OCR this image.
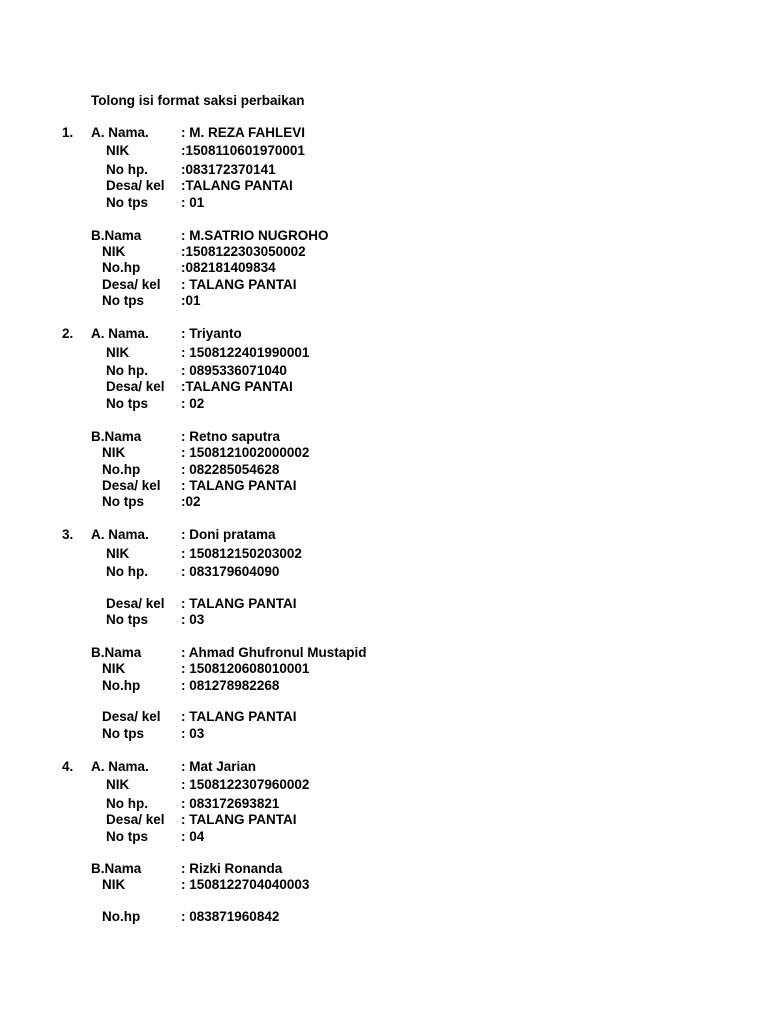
Tolong isi format saksi perbaikan
1. A. Nama. : M. REZA FAHLEVI
NIK	:1508110601970001
No hp. :083172370141
Desa/ kel :TALANG PANTAI
No tps : 01
B.Nama	: M.SATRIO NUGROHO
NIK	:1508122303050002
No.hp	:082181409834
Desa/ kel : TALANG PANTAI
No tps	:01
2. A. Nama. : Triyanto
NIK	: 1508122401990001
No hp. : 0895336071040
Desa/ kel :TALANG PANTAI
No tps : 02
B.Nama	: Retno saputra
NIK	: 1508121002000002
No.hp	: 082285054628
Desa/ kel : TALANG PANTAI
No tps	:02
3. A. Nama. : Doni pratama
NIK	: 150812150203002
No hp. : 083179604090
Desa/ kel : TALANG PANTAI
No tps : 03
B.Nama	: Ahmad Ghufronul Mustapid
NIK	: 1508120608010001
No.hp	: 081278982268
Desa/ kel : TALANG PANTAI
No tps	: 03
4. A. Nama. : Mat Jarian
NIK	: 1508122307960002
No hp. : 083172693821
Desa/ kel : TALANG PANTAI
No tps : 04
B.Nama	: Rizki Ronanda
NIK	: 1508122704040003
No.hp	: 083871960842
